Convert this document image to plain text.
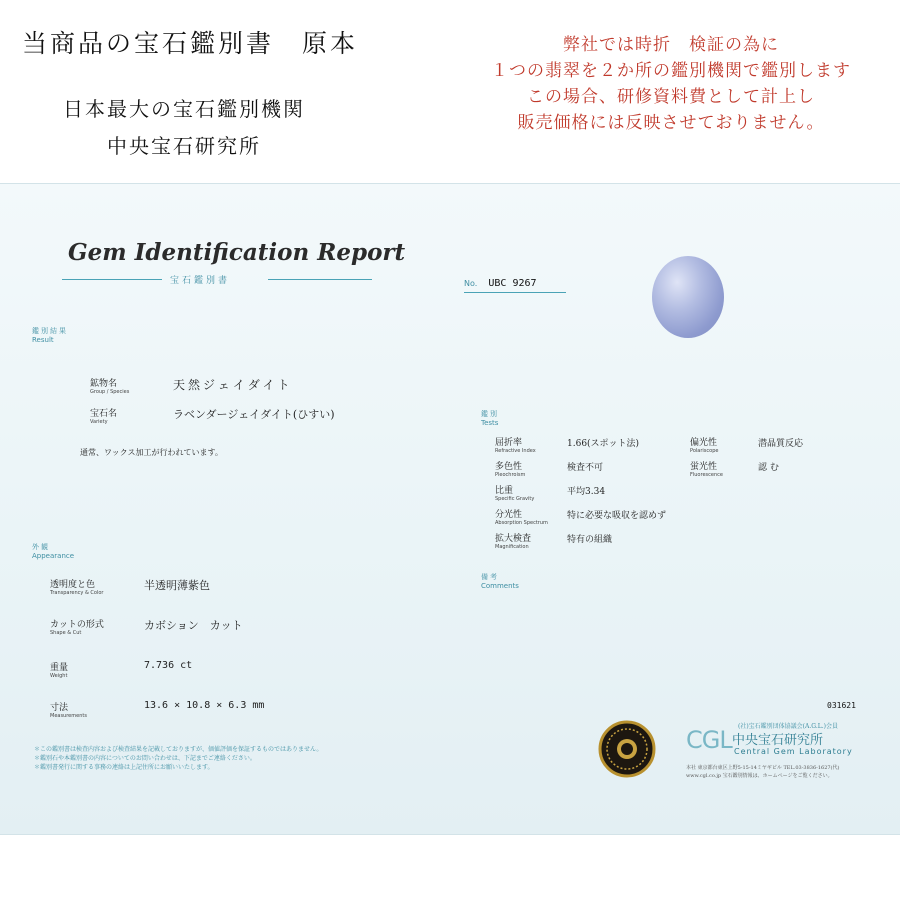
当商品の宝石鑑別書　原本
日本最大の宝石鑑別機関
中央宝石研究所
弊社では時折　検証の為に
１つの翡翠を２か所の鑑別機関で鑑別します
この場合、研修資料費として計上し
販売価格には反映させておりません。
Gem Identification Report
宝石鑑別書	No. UBC 9267
鑑別結果
Result
鉱物名
Group / Species	天然ジェイダイト
宝石名
Variety
ラベンダージェイダイト(ひすい)
通常、ワックス加工が行われています。
鑑別
Tests
屈折率
Refractive Index
1.66(スポット法)
多色性
Pleochroism
検査不可
比重
Specific Gravity
平均3.34
分光性
Absorption Spectrum
特に必要な吸収を認めず
拡大検査
Magnification
特有の組織
偏光性
Polariscope
潜晶質反応
蛍光性
Fluorescence
認 む
備考
Comments
外観
Appearance
透明度と色
Transparency & Color
半透明薄紫色
カットの形式
Shape & Cut
カボション　カット
重量
Weight
7.736 ct
寸法
Measurements
13.6 × 10.8 × 6.3 mm
＊この鑑別書は検査内容および検査結果を記載しておりますが、価値評価を保証するものではありません。
＊鑑別石や本鑑別書の内容についてのお問い合わせは、下記までご連絡ください。
＊鑑別書発行に関する事務の連絡は上記住所にお願いいたします。
031621
(社)宝石鑑別団体協議会(A.G.L.)会員
CGL 中央宝石研究所
Central Gem Laboratory
本社 東京都台東区上野5-15-14ミヤギビル TEL.03-3836-1627(代)
www.cgl.co.jp 宝石鑑別情報は、ホームページをご覧ください。
